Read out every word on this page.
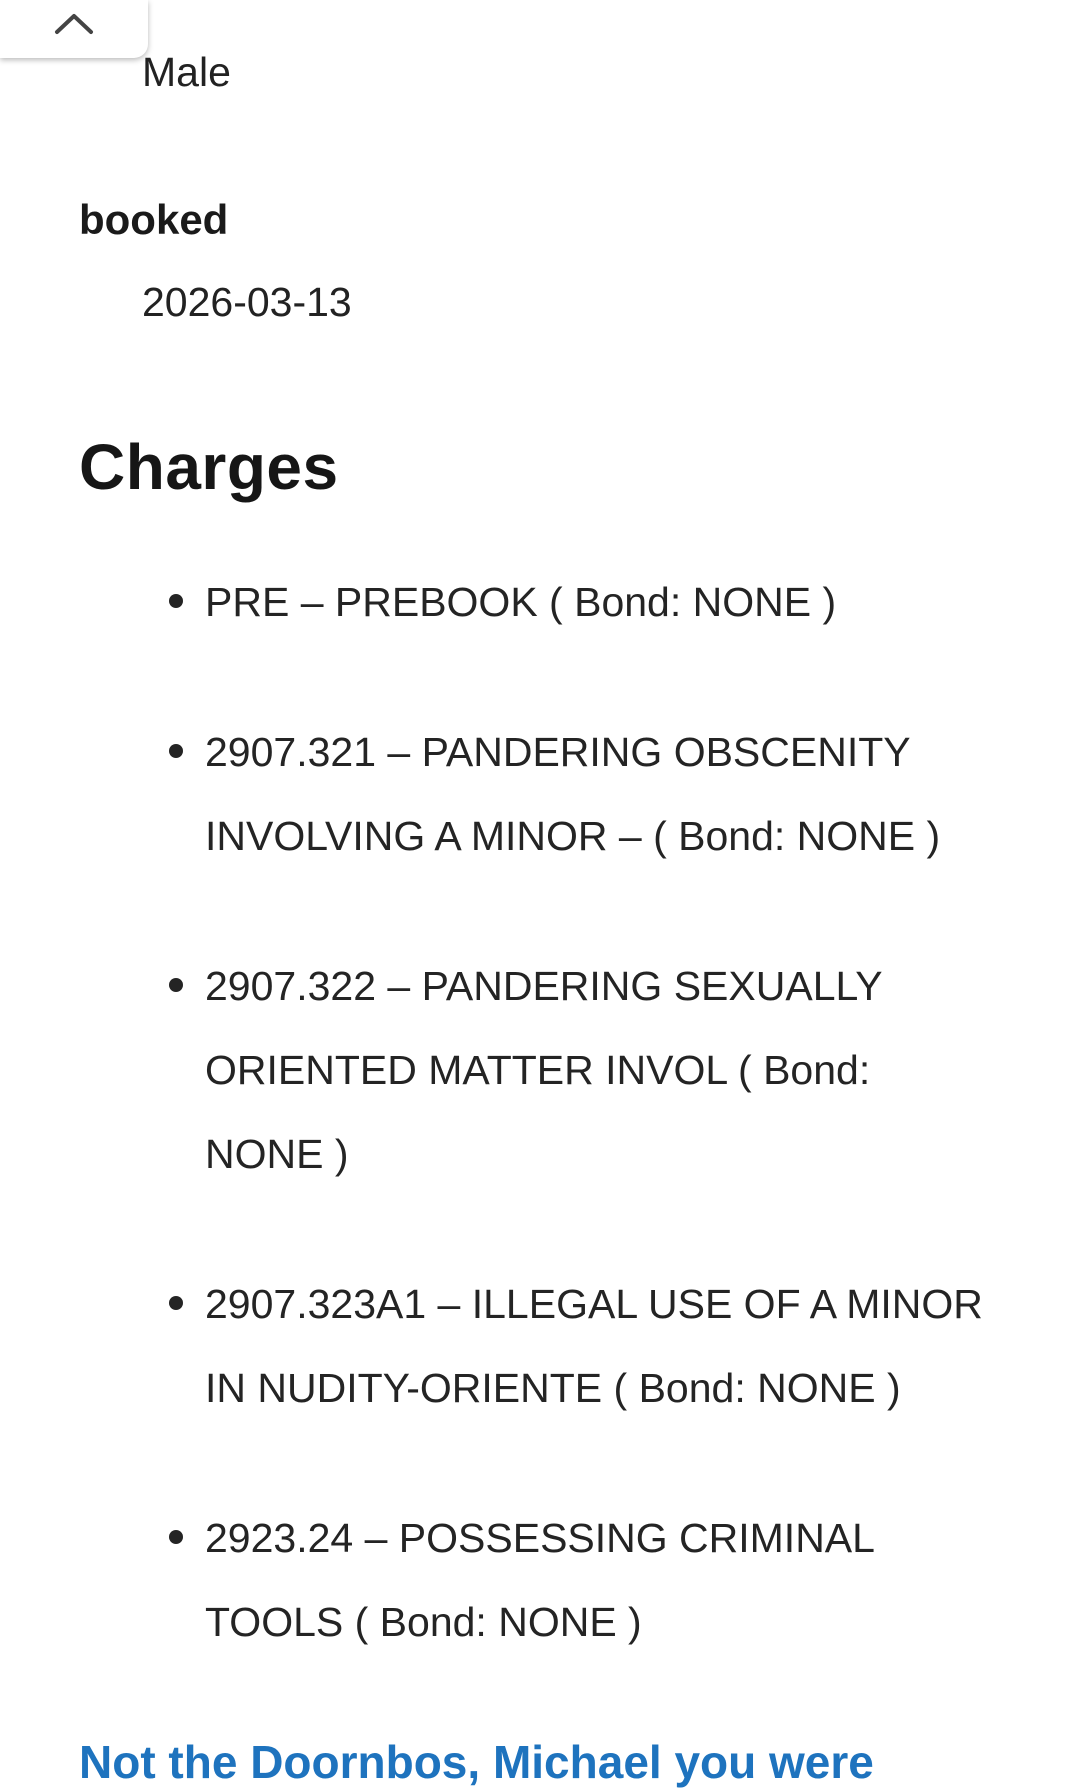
Male
booked
2026-03-13
Charges
PRE – PREBOOK ( Bond: NONE )
2907.321 – PANDERING OBSCENITY INVOLVING A MINOR – ( Bond: NONE )
2907.322 – PANDERING SEXUALLY ORIENTED MATTER INVOL ( Bond: NONE )
2907.323A1 – ILLEGAL USE OF A MINOR IN NUDITY-ORIENTE ( Bond: NONE )
2923.24 – POSSESSING CRIMINAL TOOLS ( Bond: NONE )
Not the Doornbos, Michael you were
